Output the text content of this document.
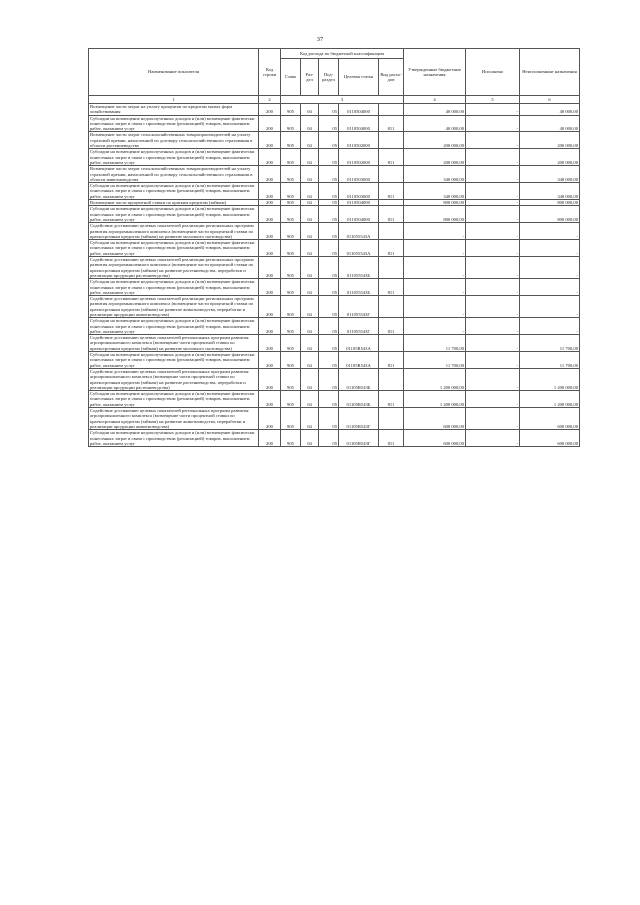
37
Наименование показателя	Код строки	Код расхода по бюджетной классификации					Утвержденные бюджетные назначения	Исполнено	Неисполненные назначения
		Глава	Раз- дел	Под- раздел	Целевая статья	Вид расхо- дов			
1	2	3					4	5	6
Возмещение части затрат на уплату процентов по кредитам малых форм хозяйствования	200	905	04	05	0110504000		40 000,00	-	40 000,00
Субсидии на возмещение недополученных доходов и (или) возмещение фактически понесенных затрат в связи с производством (реализацией) товаров, выполнением работ, оказанием услуг	200	905	04	05	0110504000	811	40 000,00	-	40 000,00
Возмещение части затрат сельскохозяйственных товаропроизводителей на уплату страховой премии, начисленной по договору сельскохозяйственного страхования в области растениеводства	200	905	04	05	0110502000		200 000,00	-	200 000,00
Субсидии на возмещение недополученных доходов и (или) возмещение фактически понесенных затрат в связи с производством (реализацией) товаров, выполнением работ, оказанием услуг	200	905	04	05	0110502000	811	200 000,00	-	200 000,00
Возмещение части затрат сельскохозяйственных товаропроизводителей на уплату страховой премии, начисленной по договору сельскохозяйственного страхования в области животноводства	200	905	04	05	0110503000		340 000,00	-	340 000,00
Субсидии на возмещение недополученных доходов и (или) возмещение фактически понесенных затрат в связи с производством (реализацией) товаров, выполнением работ, оказанием услуг	200	905	04	05	0110503000	811	340 000,00	-	340 000,00
Возмещение части процентной ставки по кратким кредитам (займам)	200	905	04	05	0110504000		800 000,00	-	800 000,00
Субсидии на возмещение недополученных доходов и (или) возмещение фактически понесенных затрат в связи с производством (реализацией) товаров, выполнением работ, оказанием услуг	200	905	04	05	0110504000	811	800 000,00	-	800 000,00
Содействие достижению целевых показателей реализации региональных программ развития агропромышленного комплекса (возмещение части процентной ставки по краткосрочным кредитам (займам) на развитие молочного скотоводства)	200	905	04	05	011055543А		-	-	-
Субсидии на возмещение недополученных доходов и (или) возмещение фактически понесенных затрат в связи с производством (реализацией) товаров, выполнением работ, оказанием услуг	200	905	04	05	011055543А	811	-	-	-
Содействие достижению целевых показателей реализации региональных программ развития агропромышленного комплекса (возмещение части процентной ставки по краткосрочным кредитам (займам) на развитие растениеводства, переработки и реализации продукции растениеводства)	200	905	04	05	011055543Б		-	-	-
Субсидии на возмещение недополученных доходов и (или) возмещение фактически понесенных затрат в связи с производством (реализацией) товаров, выполнением работ, оказанием услуг	200	905	04	05	011055543Б	811	-	-	-
Содействие достижению целевых показателей реализации региональных программ развития агропромышленного комплекса (возмещение части процентной ставки по краткосрочным кредитам (займам) на развитие животноводства, переработки и реализации продукции животноводства)	200	905	04	05	011055543Г		-	-	-
Субсидии на возмещение недополученных доходов и (или) возмещение фактически понесенных затрат в связи с производством (реализацией) товаров, выполнением работ, оказанием услуг	200	905	04	05	011055543Г	811	-	-	-
Содействие достижению целевых показателей региональных программ развития агропромышленного комплекса (возмещение части процентной ставки по краткосрочным кредитам (займам) на развитие молочного скотоводства)	200	905	04	05	01105R543А		11 700,00	-	11 700,00
Субсидии на возмещение недополученных доходов и (или) возмещение фактически понесенных затрат в связи с производством (реализацией) товаров, выполнением работ, оказанием услуг	200	905	04	05	01105R543А	811	11 700,00	-	11 700,00
Содействие достижению целевых показателей региональных программ развития агропромышленного комплекса (возмещение части процентной ставки по краткосрочным кредитам (займам) на развитие растениеводства, переработки и реализации продукции растениеводства)	200	905	04	05	01105R543Б		1 200 000,00	-	1 200 000,00
Субсидии на возмещение недополученных доходов и (или) возмещение фактически понесенных затрат в связи с производством (реализацией) товаров, выполнением работ, оказанием услуг	200	905	04	05	01105R543Б	811	1 200 000,00	-	1 200 000,00
Содействие достижению целевых показателей региональных программ развития агропромышленного комплекса (возмещение части процентной ставки по краткосрочным кредитам (займам) на развитие животноводства, переработки и реализации продукции животноводства)	200	905	04	05	01105R543Г		600 000,00	-	600 000,00
Субсидии на возмещение недополученных доходов и (или) возмещение фактически понесенных затрат в связи с производством (реализацией) товаров, выполнением работ, оказанием услуг	200	905	04	05	01105R543Г	811	600 000,00	-	600 000,00
